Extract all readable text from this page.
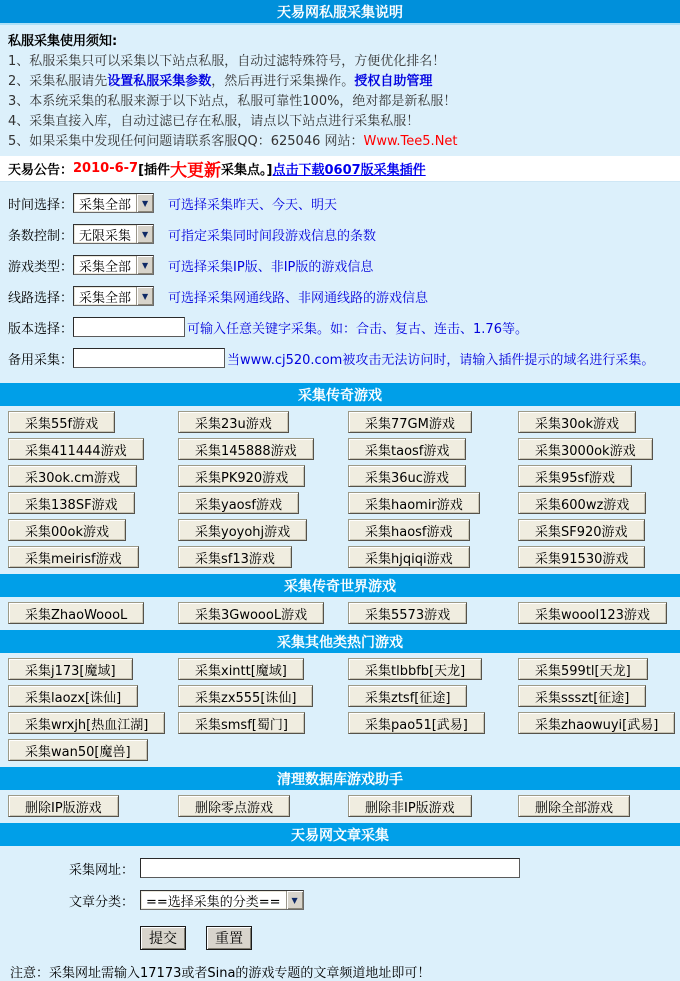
天易网私服采集说明
私服采集使用须知:
1、私服采集只可以采集以下站点私服，自动过滤特殊符号，方便优化排名！
2、采集私服请先设置私服采集参数，然后再进行采集操作。授权自助管理
3、本系统采集的私服来源于以下站点，私服可靠性100%，绝对都是新私服！
4、采集直接入库，自动过滤已存在私服，请点以下站点进行采集私服！
5、如果采集中发现任何问题请联系客服QQ：625046 网站：Www.Tee5.Net
天易公告： 2010-6-7 [插件 大更新 采集点。] 点击下载0607版采集插件
时间选择： 采集全部	▼	可选择采集昨天、今天、明天
条数控制： 无限采集	▼	可指定采集同时间段游戏信息的条数
游戏类型： 采集全部	▼	可选择采集IP版、非IP版的游戏信息
线路选择： 采集全部	▼	可选择采集网通线路、非网通线路的游戏信息
版本选择：	可输入任意关键字采集。如：合击、复古、连击、1.76等。
备用采集：	当www.cj520.com被攻击无法访问时，请输入插件提示的域名进行采集。
采集传奇游戏
采集55f游戏	采集23u游戏	采集77GM游戏	采集30ok游戏
采集411444游戏	采集145888游戏	采集taosf游戏	采集3000ok游戏
采30ok.cm游戏	采集PK920游戏	采集36uc游戏	采集95sf游戏
采集138SF游戏	采集yaosf游戏	采集haomir游戏	采集600wz游戏
采集00ok游戏	采集yoyohj游戏	采集haosf游戏	采集SF920游戏
采集meirisf游戏	采集sf13游戏	采集hjqiqi游戏	采集91530游戏
采集传奇世界游戏
采集ZhaoWoooL	采集3GwoooL游戏	采集5573游戏	采集woool123游戏
采集其他类热门游戏
采集j173[魔域]	采集xintt[魔域]	采集tlbbfb[天龙]	采集599tl[天龙]
采集laozx[诛仙]	采集zx555[诛仙]	采集ztsf[征途]	采集ssszt[征途]
采集wrxjh[热血江湖]	采集smsf[蜀门]	采集pao51[武易]	采集zhaowuyi[武易]
采集wan50[魔兽]
清理数据库游戏助手
删除IP版游戏	删除零点游戏	删除非IP版游戏	删除全部游戏
天易网文章采集
采集网址：
文章分类： ==选择采集的分类==	▼
提交	重置
注意：采集网址需输入17173或者Sina的游戏专题的文章频道地址即可！
